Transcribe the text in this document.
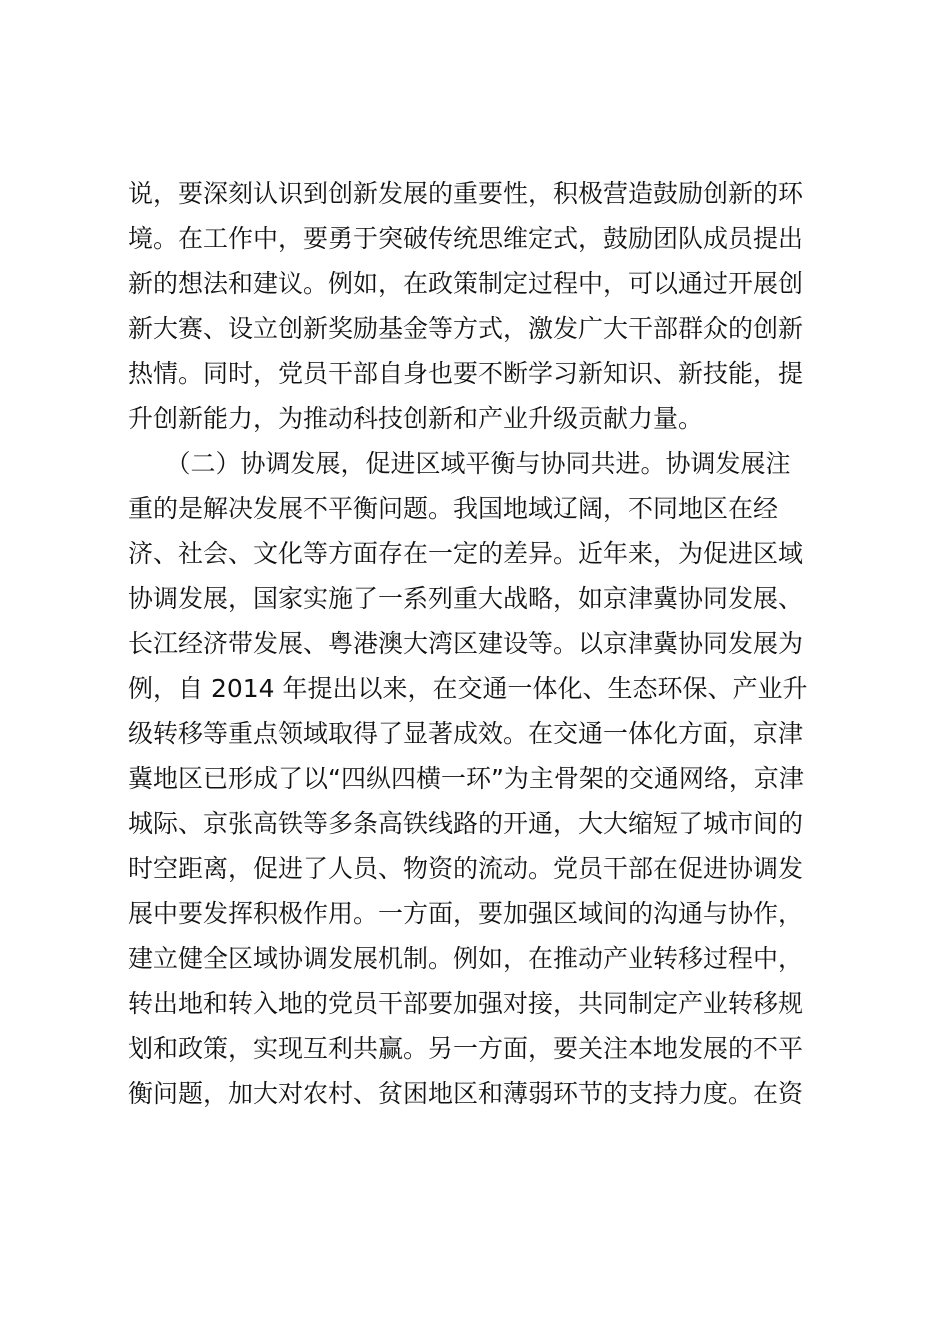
说，要深刻认识到创新发展的重要性，积极营造鼓励创新的环
境。在工作中，要勇于突破传统思维定式，鼓励团队成员提出
新的想法和建议。例如，在政策制定过程中，可以通过开展创
新大赛、设立创新奖励基金等方式，激发广大干部群众的创新
热情。同时，党员干部自身也要不断学习新知识、新技能，提
升创新能力，为推动科技创新和产业升级贡献力量。
　　（二）协调发展，促进区域平衡与协同共进。协调发展注
重的是解决发展不平衡问题。我国地域辽阔，不同地区在经
济、社会、文化等方面存在一定的差异。近年来，为促进区域
协调发展，国家实施了一系列重大战略，如京津冀协同发展、
长江经济带发展、粤港澳大湾区建设等。以京津冀协同发展为
例，自 2014 年提出以来，在交通一体化、生态环保、产业升
级转移等重点领域取得了显著成效。在交通一体化方面，京津
冀地区已形成了以“四纵四横一环”为主骨架的交通网络，京津
城际、京张高铁等多条高铁线路的开通，大大缩短了城市间的
时空距离，促进了人员、物资的流动。党员干部在促进协调发
展中要发挥积极作用。一方面，要加强区域间的沟通与协作，
建立健全区域协调发展机制。例如，在推动产业转移过程中，
转出地和转入地的党员干部要加强对接，共同制定产业转移规
划和政策，实现互利共赢。另一方面，要关注本地发展的不平
衡问题，加大对农村、贫困地区和薄弱环节的支持力度。在资
